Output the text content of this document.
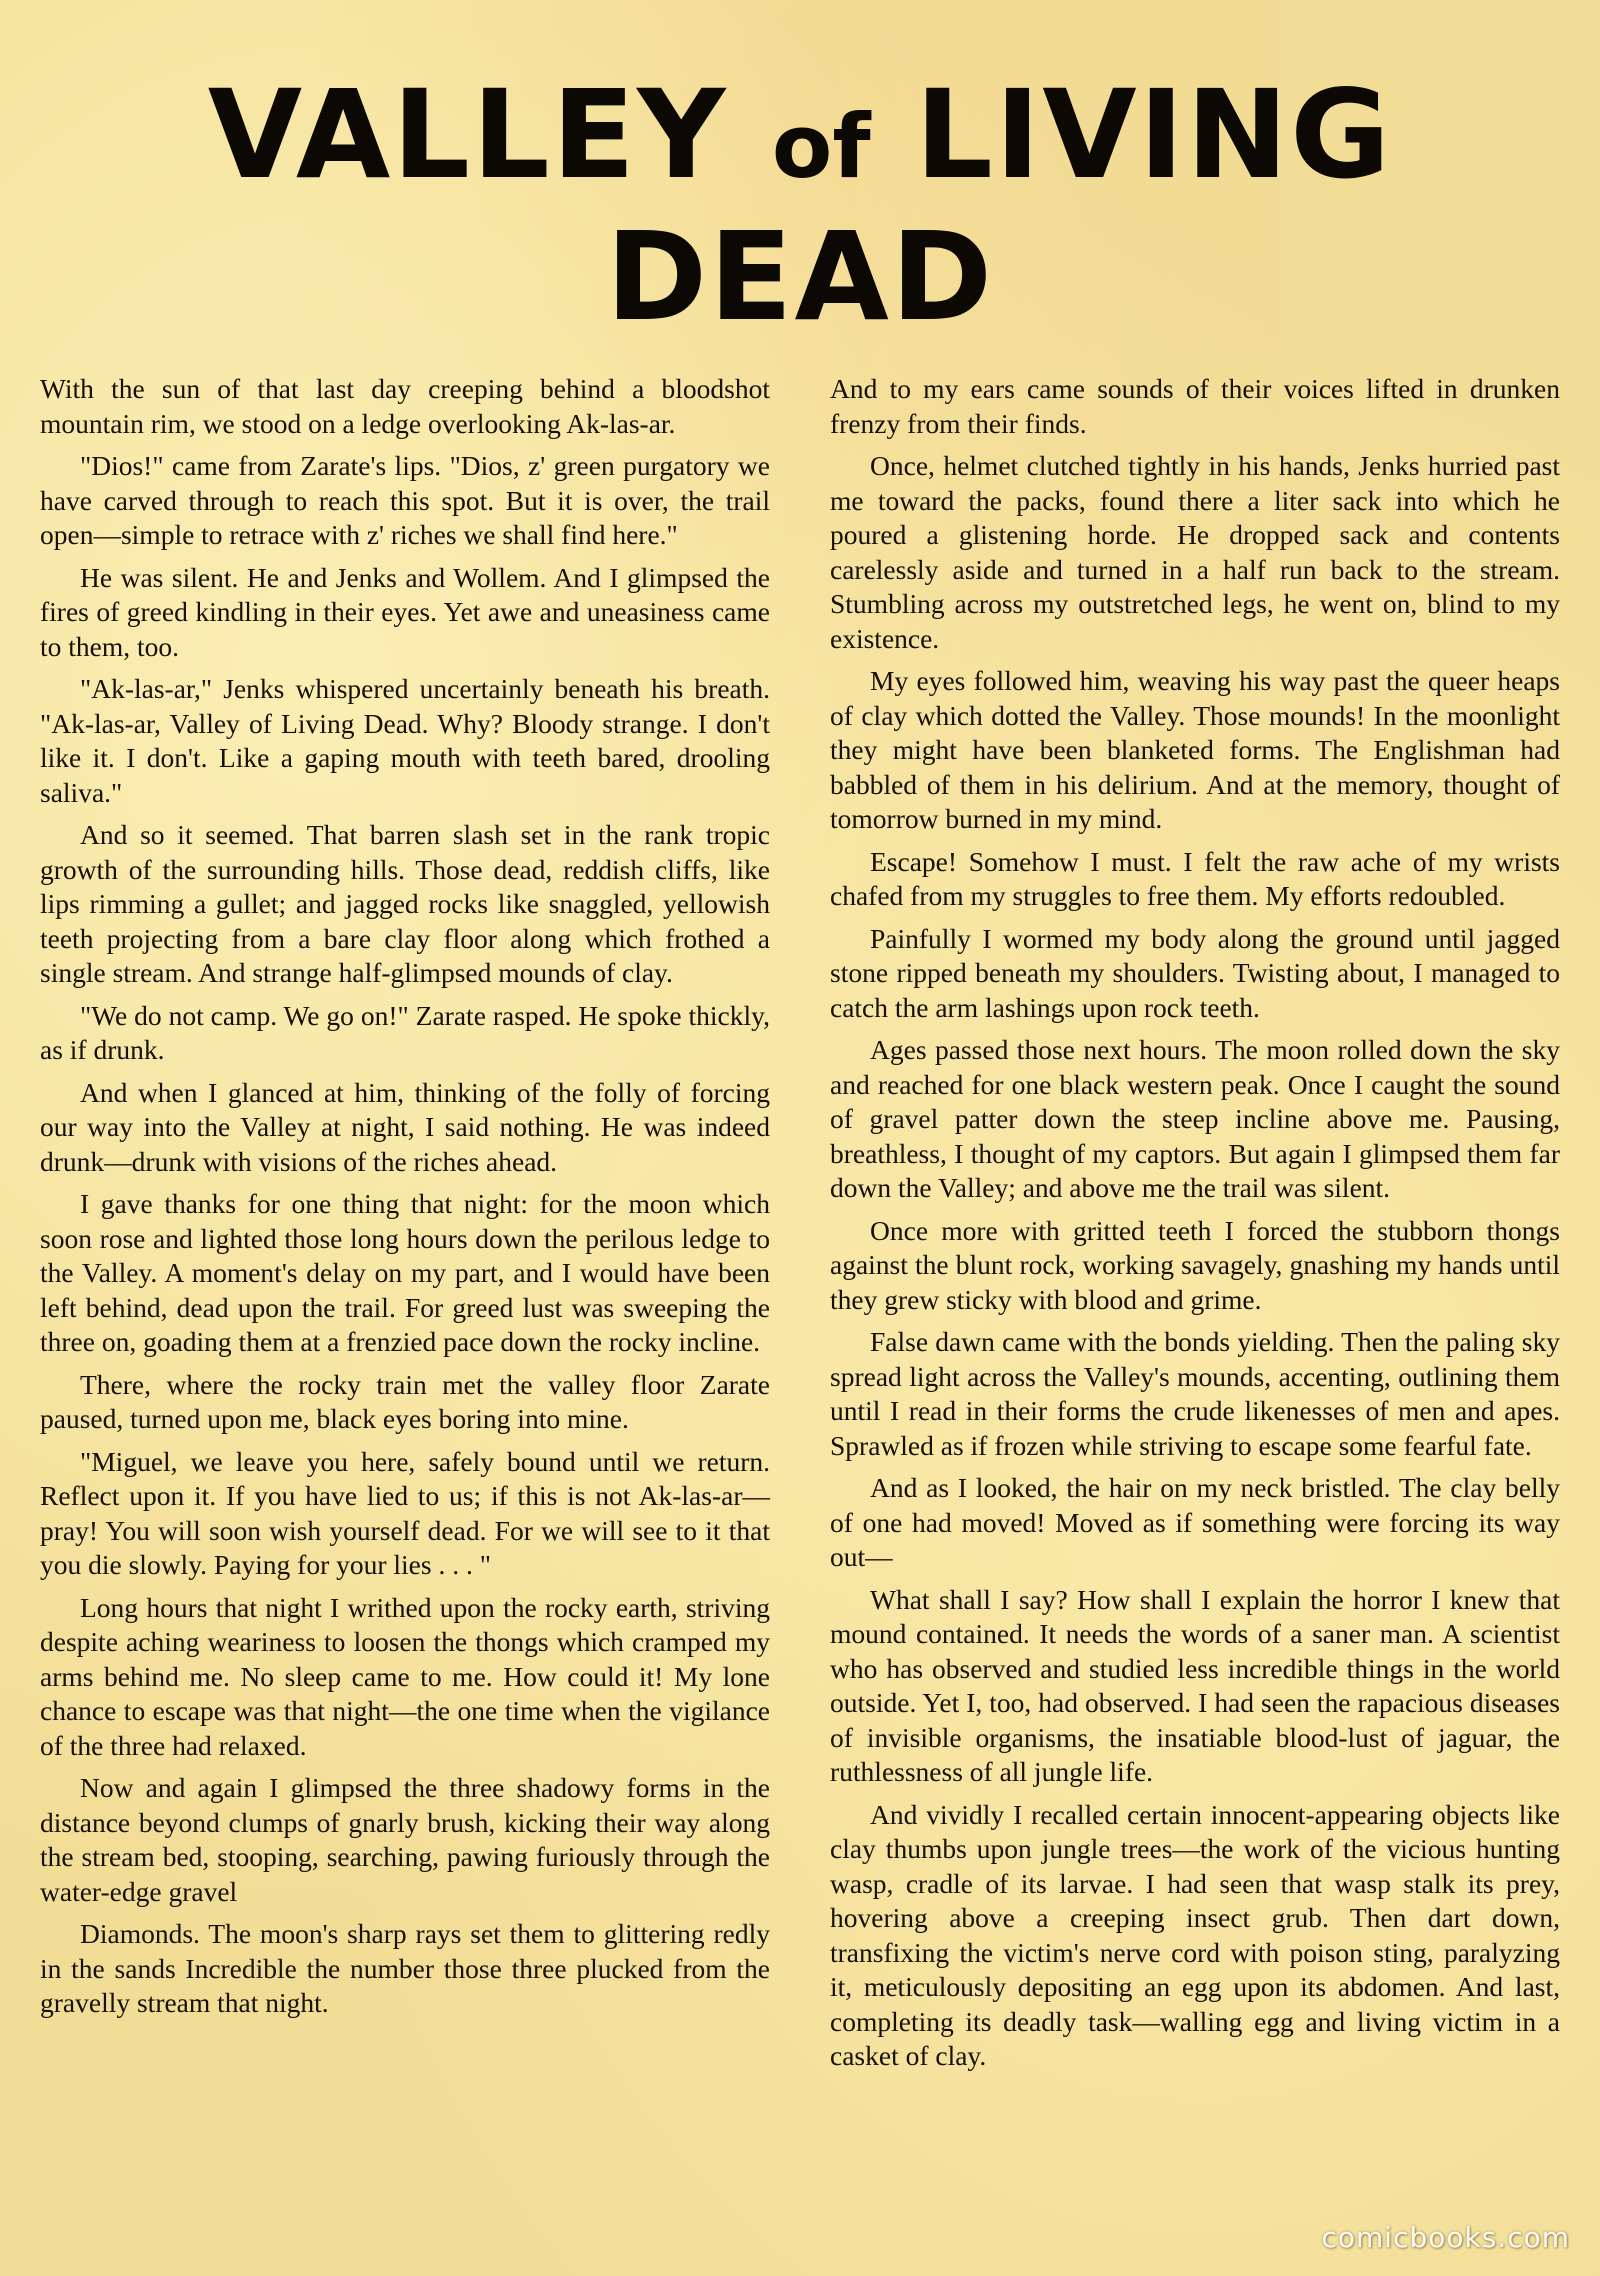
VALLEY of LIVING DEAD

With the sun of that last day creeping behind a bloodshot mountain rim, we stood on a ledge overlooking Ak-las-ar.

"Dios!" came from Zarate's lips. "Dios, z' green purgatory we have carved through to reach this spot. But it is over, the trail open—simple to retrace with z' riches we shall find here."

He was silent. He and Jenks and Wollem. And I glimpsed the fires of greed kindling in their eyes. Yet awe and uneasiness came to them, too.

"Ak-las-ar," Jenks whispered uncertainly beneath his breath. "Ak-las-ar, Valley of Living Dead. Why? Bloody strange. I don't like it. I don't. Like a gaping mouth with teeth bared, drooling saliva."

And so it seemed. That barren slash set in the rank tropic growth of the surrounding hills. Those dead, reddish cliffs, like lips rimming a gullet; and jagged rocks like snaggled, yellowish teeth projecting from a bare clay floor along which frothed a single stream. And strange half-glimpsed mounds of clay.

"We do not camp. We go on!" Zarate rasped. He spoke thickly, as if drunk.

And when I glanced at him, thinking of the folly of forcing our way into the Valley at night, I said nothing. He was indeed drunk—drunk with visions of the riches ahead.

I gave thanks for one thing that night: for the moon which soon rose and lighted those long hours down the perilous ledge to the Valley. A moment's delay on my part, and I would have been left behind, dead upon the trail. For greed lust was sweeping the three on, goading them at a frenzied pace down the rocky incline.

There, where the rocky train met the valley floor Zarate paused, turned upon me, black eyes boring into mine.

"Miguel, we leave you here, safely bound until we return. Reflect upon it. If you have lied to us; if this is not Ak-las-ar—pray! You will soon wish yourself dead. For we will see to it that you die slowly. Paying for your lies . . . "

Long hours that night I writhed upon the rocky earth, striving despite aching weariness to loosen the thongs which cramped my arms behind me. No sleep came to me. How could it! My lone chance to escape was that night—the one time when the vigilance of the three had relaxed.

Now and again I glimpsed the three shadowy forms in the distance beyond clumps of gnarly brush, kicking their way along the stream bed, stooping, searching, pawing furiously through the water-edge gravel

Diamonds. The moon's sharp rays set them to glittering redly in the sands Incredible the number those three plucked from the gravelly stream that night.

And to my ears came sounds of their voices lifted in drunken frenzy from their finds.

Once, helmet clutched tightly in his hands, Jenks hurried past me toward the packs, found there a liter sack into which he poured a glistening horde. He dropped sack and contents carelessly aside and turned in a half run back to the stream. Stumbling across my outstretched legs, he went on, blind to my existence.

My eyes followed him, weaving his way past the queer heaps of clay which dotted the Valley. Those mounds! In the moonlight they might have been blanketed forms. The Englishman had babbled of them in his delirium. And at the memory, thought of tomorrow burned in my mind.

Escape! Somehow I must. I felt the raw ache of my wrists chafed from my struggles to free them. My efforts redoubled.

Painfully I wormed my body along the ground until jagged stone ripped beneath my shoulders. Twisting about, I managed to catch the arm lashings upon rock teeth.

Ages passed those next hours. The moon rolled down the sky and reached for one black western peak. Once I caught the sound of gravel patter down the steep incline above me. Pausing, breathless, I thought of my captors. But again I glimpsed them far down the Valley; and above me the trail was silent.

Once more with gritted teeth I forced the stubborn thongs against the blunt rock, working savagely, gnashing my hands until they grew sticky with blood and grime.

False dawn came with the bonds yielding. Then the paling sky spread light across the Valley's mounds, accenting, outlining them until I read in their forms the crude likenesses of men and apes. Sprawled as if frozen while striving to escape some fearful fate.

And as I looked, the hair on my neck bristled. The clay belly of one had moved! Moved as if something were forcing its way out—

What shall I say? How shall I explain the horror I knew that mound contained. It needs the words of a saner man. A scientist who has observed and studied less incredible things in the world outside. Yet I, too, had observed. I had seen the rapacious diseases of invisible organisms, the insatiable blood-lust of jaguar, the ruthlessness of all jungle life.

And vividly I recalled certain innocent-appearing objects like clay thumbs upon jungle trees—the work of the vicious hunting wasp, cradle of its larvae. I had seen that wasp stalk its prey, hovering above a creeping insect grub. Then dart down, transfixing the victim's nerve cord with poison sting, paralyzing it, meticulously depositing an egg upon its abdomen. And last, completing its deadly task—walling egg and living victim in a casket of clay.

comicbooks.com
